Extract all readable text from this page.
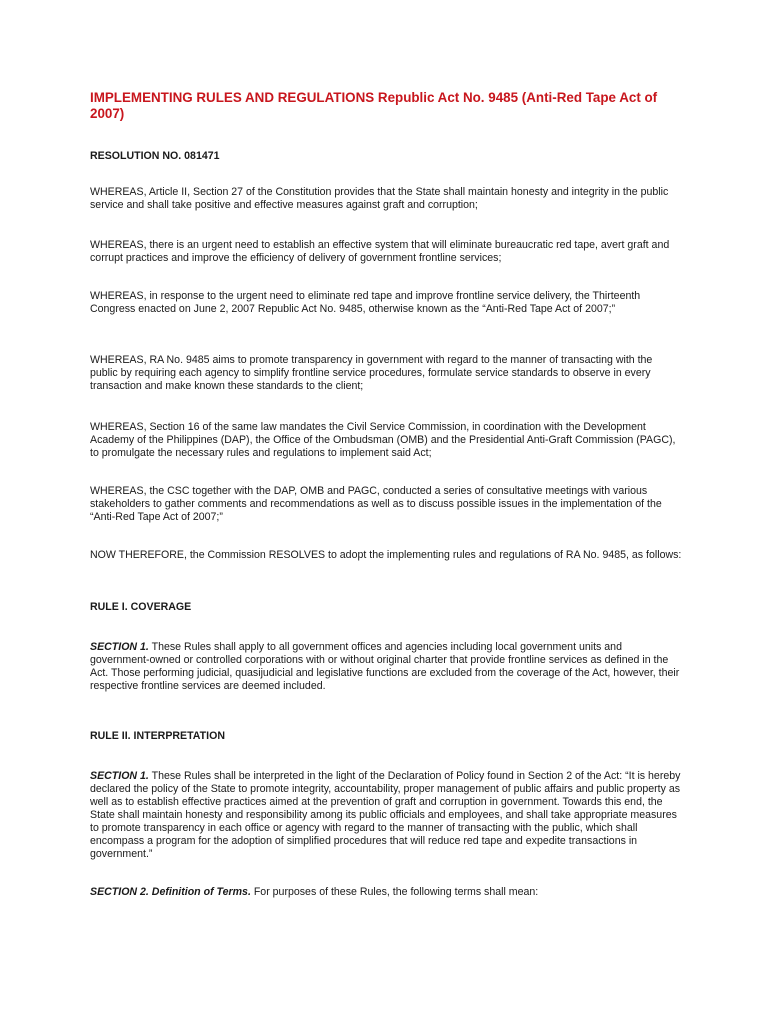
IMPLEMENTING RULES AND REGULATIONS Republic Act No. 9485 (Anti-Red Tape Act of 2007)

RESOLUTION NO. 081471

WHEREAS, Article II, Section 27 of the Constitution provides that the State shall maintain honesty and integrity in the public service and shall take positive and effective measures against graft and corruption;

WHEREAS, there is an urgent need to establish an effective system that will eliminate bureaucratic red tape, avert graft and corrupt practices and improve the efficiency of delivery of government frontline services;

WHEREAS, in response to the urgent need to eliminate red tape and improve frontline service delivery, the Thirteenth Congress enacted on June 2, 2007 Republic Act No. 9485, otherwise known as the “Anti-Red Tape Act of 2007;”

WHEREAS, RA No. 9485 aims to promote transparency in government with regard to the manner of transacting with the public by requiring each agency to simplify frontline service procedures, formulate service standards to observe in every transaction and make known these standards to the client;

WHEREAS, Section 16 of the same law mandates the Civil Service Commission, in coordination with the Development Academy of the Philippines (DAP), the Office of the Ombudsman (OMB) and the Presidential Anti-Graft Commission (PAGC), to promulgate the necessary rules and regulations to implement said Act;

WHEREAS, the CSC together with the DAP, OMB and PAGC, conducted a series of consultative meetings with various stakeholders to gather comments and recommendations as well as to discuss possible issues in the implementation of the “Anti-Red Tape Act of 2007;”

NOW THEREFORE, the Commission RESOLVES to adopt the implementing rules and regulations of RA No. 9485, as follows:

RULE I. COVERAGE

SECTION 1. These Rules shall apply to all government offices and agencies including local government units and government-owned or controlled corporations with or without original charter that provide frontline services as defined in the Act. Those performing judicial, quasijudicial and legislative functions are excluded from the coverage of the Act, however, their respective frontline services are deemed included.

RULE II. INTERPRETATION

SECTION 1. These Rules shall be interpreted in the light of the Declaration of Policy found in Section 2 of the Act: “It is hereby declared the policy of the State to promote integrity, accountability, proper management of public affairs and public property as well as to establish effective practices aimed at the prevention of graft and corruption in government. Towards this end, the State shall maintain honesty and responsibility among its public officials and employees, and shall take appropriate measures to promote transparency in each office or agency with regard to the manner of transacting with the public, which shall encompass a program for the adoption of simplified procedures that will reduce red tape and expedite transactions in government.”

SECTION 2. Definition of Terms. For purposes of these Rules, the following terms shall mean:
